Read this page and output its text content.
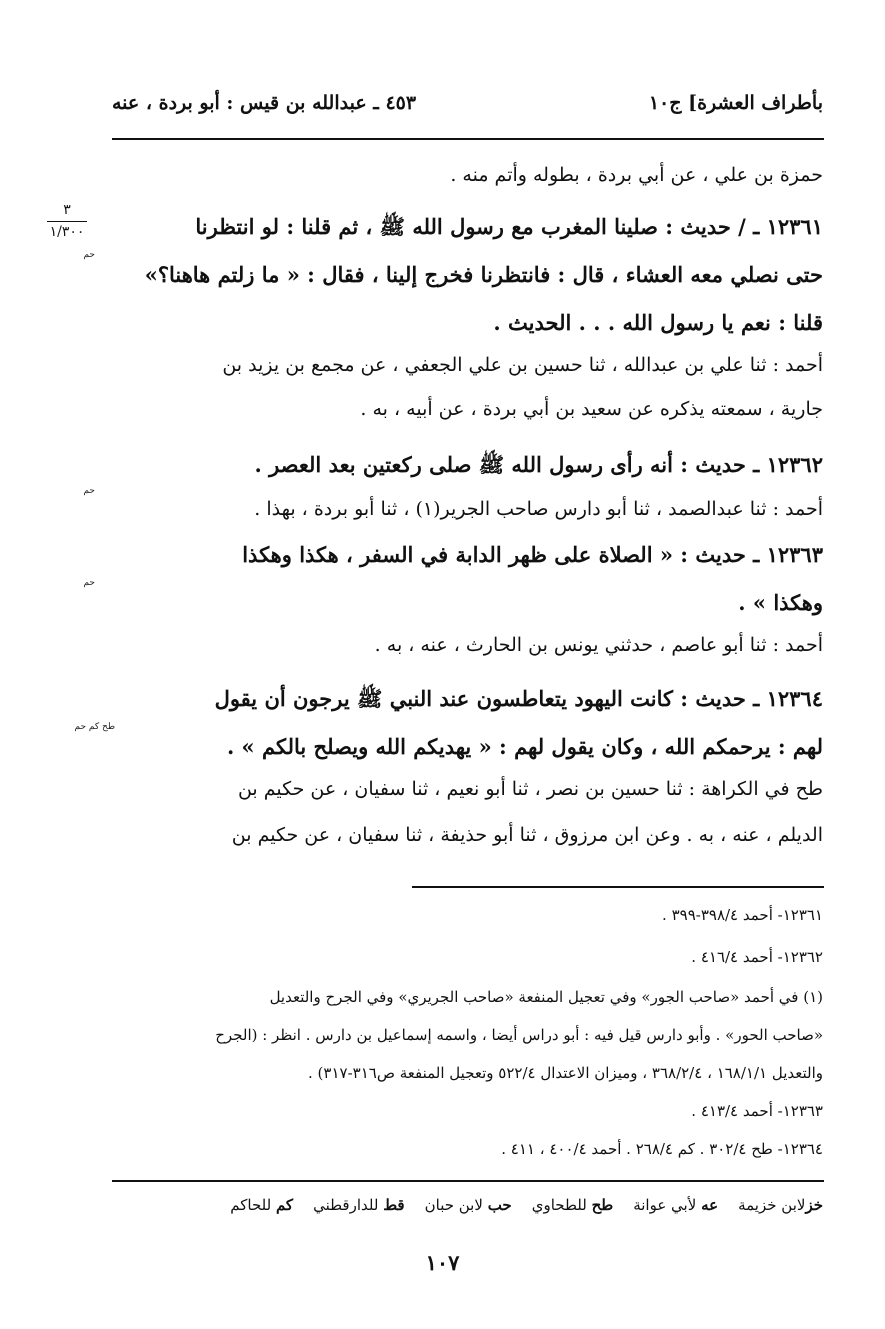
٤٥٣ ـ عبدالله بن قيس : أبو بردة ، عنه	بأطراف العشرة] ج١٠
٣
١/٣٠٠
حمزة بن علي ، عن أبي بردة ، بطوله وأتم منه .
١٢٣٦١ ـ / حديث : صلينا المغرب مع رسول الله ﷺ ، ثم قلنا : لو انتظرنا
حم
حتى نصلي معه العشاء ، قال : فانتظرنا فخرج إلينا ، فقال : « ما زلتم هاهنا؟»
قلنا : نعم يا رسول الله . . . الحديث .
أحمد : ثنا علي بن عبدالله ، ثنا حسين بن علي الجعفي ، عن مجمع بن يزيد بن
جارية ، سمعته يذكره عن سعيد بن أبي بردة ، عن أبيه ، به .
١٢٣٦٢ ـ حديث : أنه رأى رسول الله ﷺ صلى ركعتين بعد العصر .
حم
أحمد : ثنا عبدالصمد ، ثنا أبو دارس صاحب الجرير(١) ، ثنا أبو بردة ، بهذا .
١٢٣٦٣ ـ حديث : « الصلاة على ظهر الدابة في السفر ، هكذا وهكذا
حم
وهكذا » .
أحمد : ثنا أبو عاصم ، حدثني يونس بن الحارث ، عنه ، به .
١٢٣٦٤ ـ حديث : كانت اليهود يتعاطسون عند النبي ﷺ يرجون أن يقول
طح كم حم
لهم : يرحمكم الله ، وكان يقول لهم : « يهديكم الله ويصلح بالكم » .
طح في الكراهة : ثنا حسين بن نصر ، ثنا أبو نعيم ، ثنا سفيان ، عن حكيم بن
الديلم ، عنه ، به . وعن ابن مرزوق ، ثنا أبو حذيفة ، ثنا سفيان ، عن حكيم بن
١٢٣٦١- أحمد ٣٩٨/٤-٣٩٩ .
١٢٣٦٢- أحمد ٤١٦/٤ .
(١) في أحمد «صاحب الجور» وفي تعجيل المنفعة «صاحب الجريري» وفي الجرح والتعديل
«صاحب الحور» . وأبو دارس قيل فيه : أبو دراس أيضا ، واسمه إسماعيل بن دارس . انظر : (الجرح
والتعديل ١٦٨/١/١ ، ٣٦٨/٢/٤ ، وميزان الاعتدال ٥٢٢/٤ وتعجيل المنفعة ص٣١٦-٣١٧) .
١٢٣٦٣- أحمد ٤١٣/٤ .
١٢٣٦٤- طح ٣٠٢/٤ . كم ٢٦٨/٤ . أحمد ٤٠٠/٤ ، ٤١١ .
خزلابن خزيمة
عه لأبي عوانة
طح للطحاوي
حب لابن حبان
قط للدارقطني
كم للحاكم
١٠٧
